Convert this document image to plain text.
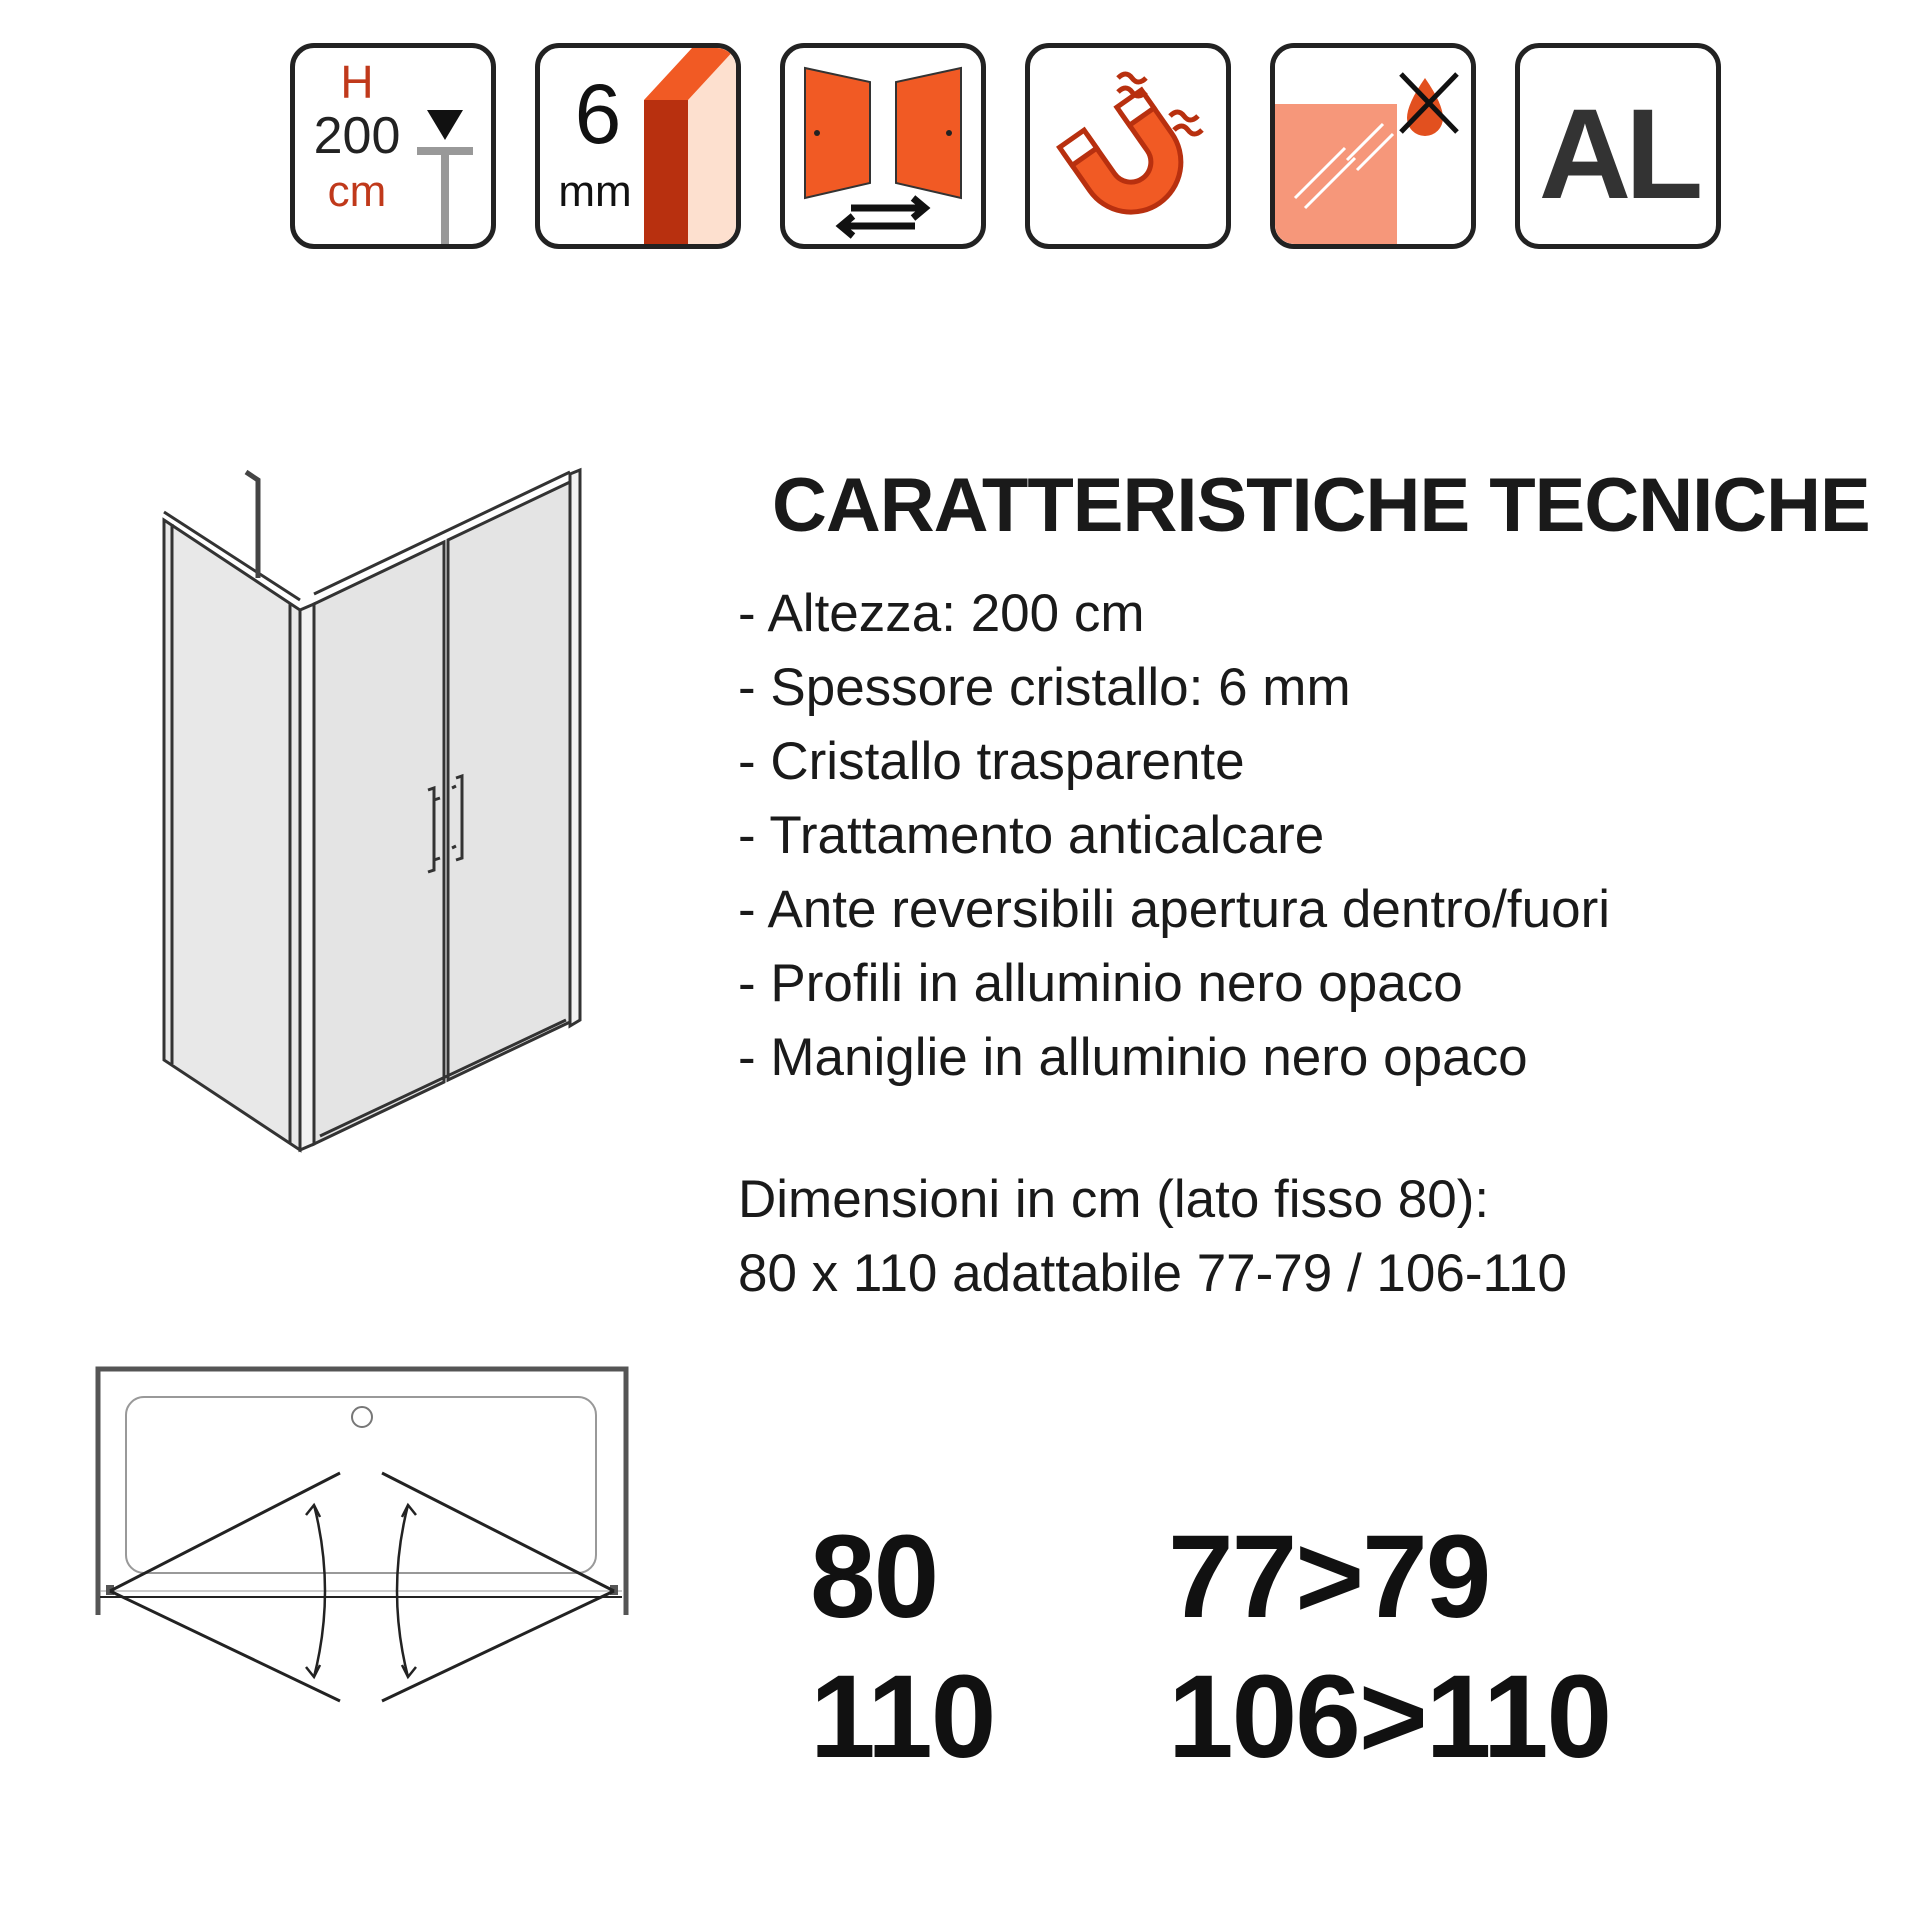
H
200
cm
6
mm	AL
CARATTERISTICHE TECNICHE
- Altezza: 200 cm
- Spessore cristallo: 6 mm
- Cristallo trasparente
- Trattamento anticalcare
- Ante reversibili apertura dentro/fuori
- Profili in alluminio nero opaco
- Maniglie in alluminio nero opaco
Dimensioni in cm (lato fisso 80):
80 x 110 adattabile 77-79 / 106-110
80 77>79
110 106>110
